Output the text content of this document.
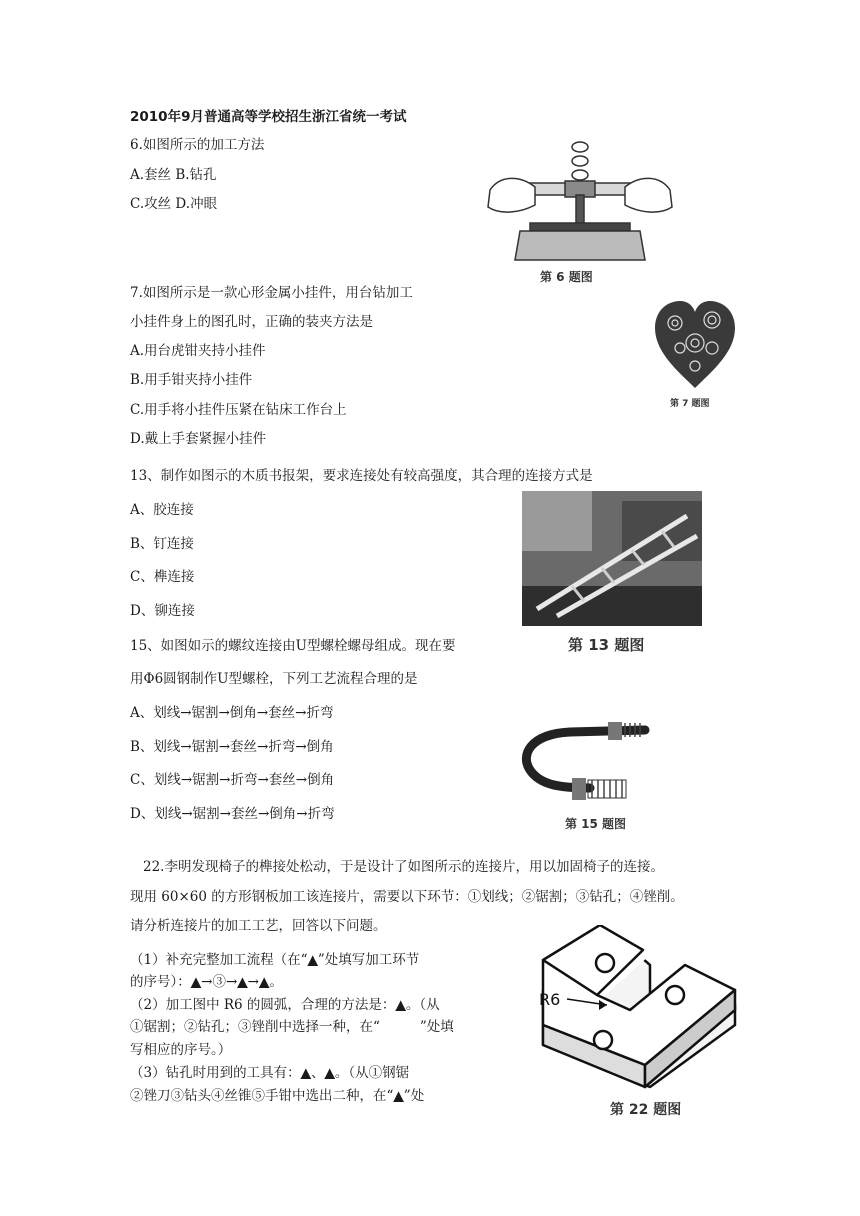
2010年9月普通高等学校招生浙江省统一考试
6.如图所示的加工方法
A.套丝 B.钻孔
C.攻丝 D.冲眼
第 6 题图
7.如图所示是一款心形金属小挂件，用台钻加工
小挂件身上的图孔时，正确的装夹方法是
A.用台虎钳夹持小挂件
B.用手钳夹持小挂件
C.用手将小挂件压紧在钻床工作台上
D.戴上手套紧握小挂件
第 7 题图
13、制作如图示的木质书报架，要求连接处有较高强度，其合理的连接方式是
A、胶连接
B、钉连接
C、榫连接
D、铆连接
第 13 题图
15、如图如示的螺纹连接由U型螺栓螺母组成。现在要
用Φ6圆钢制作U型螺栓，下列工艺流程合理的是
A、划线→锯割→倒角→套丝→折弯
B、划线→锯割→套丝→折弯→倒角
C、划线→锯割→折弯→套丝→倒角
D、划线→锯割→套丝→倒角→折弯
第 15 题图
22.李明发现椅子的榫接处松动，于是设计了如图所示的连接片，用以加固椅子的连接。
现用 60×60 的方形钢板加工该连接片，需要以下环节：①划线；②锯割；③钻孔；④锉削。
请分析连接片的加工工艺，回答以下问题。
（1）补充完整加工流程（在“▲”处填写加工环节
的序号）：▲→③→▲→▲。
（2）加工图中 R6 的圆弧，合理的方法是：▲。（从
①锯割；②钻孔；③锉削中选择一种，在“	”处填
写相应的序号。）
（3）钻孔时用到的工具有：▲、▲。（从①钢锯
②锉刀③钻头④丝锥⑤手钳中选出二种，在“▲”处
R6
第 22 题图
